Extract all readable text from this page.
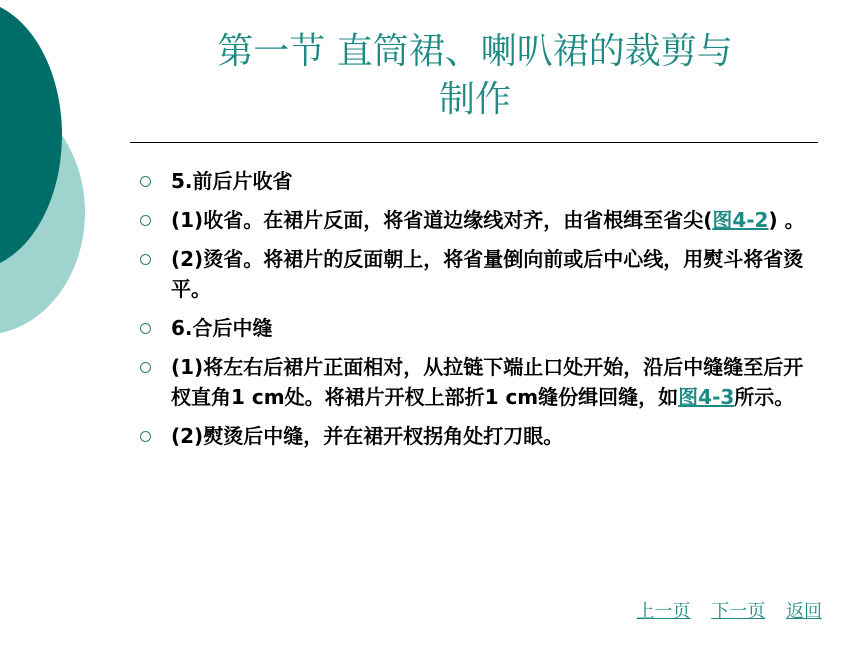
第一节 直筒裙、喇叭裙的裁剪与
制作
5.前后片收省
(1)收省。在裙片反面，将省道边缘线对齐，由省根缉至省尖(图4-2) 。
(2)烫省。将裙片的反面朝上，将省量倒向前或后中心线，用熨斗将省烫平。
6.合后中缝
(1)将左右后裙片正面相对，从拉链下端止口处开始，沿后中缝缝至后开杈直角1 cm处。将裙片开杈上部折1 cm缝份缉回缝，如图4-3所示。
(2)熨烫后中缝，并在裙开杈拐角处打刀眼。
上一页 下一页 返回
